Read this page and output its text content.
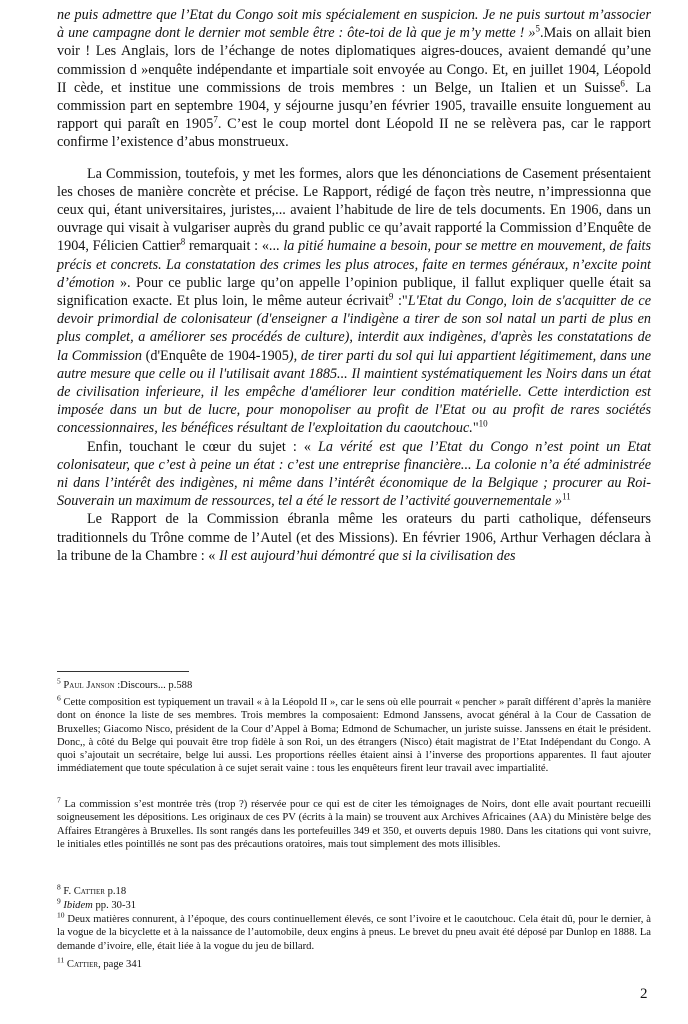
ne puis admettre que l’Etat du Congo soit mis spécialement en suspicion. Je ne puis surtout m’associer à une campagne dont le dernier mot semble être : ôte-toi de là que je m’y mette ! »$^5$.Mais on allait bien voir ! Les Anglais, lors de l’échange de notes diplomatiques aigres-douces, avaient demandé qu’une commission d »enquête indépendante et impartiale soit envoyée au Congo. Et, en juillet 1904, Léopold II cède, et institue une commissions de trois membres : un Belge, un Italien et un Suisse$^6$. La commission part en septembre 1904, y séjourne jusqu’en février 1905, travaille ensuite longuement au rapport qui paraît en 1905$^7$. C’est le coup mortel dont Léopold II ne se relèvera pas, car le rapport confirme l’existence d’abus monstrueux.

La Commission, toutefois, y met les formes, alors que les dénonciations de Casement présentaient les choses de manière concrète et précise. Le Rapport, rédigé de façon très neutre, n’impressionna que ceux qui, étant universitaires, juristes,... avaient l’habitude de lire de tels documents. En 1906, dans un ouvrage qui visait à vulgariser auprès du grand public ce qu’avait rapporté la Commission d’Enquête de 1904, Félicien Cattier$^8$ remarquait : «... la pitié humaine a besoin, pour se mettre en mouvement, de faits précis et concrets. La constatation des crimes les plus atroces, faite en termes généraux, n’excite point d’émotion ». Pour ce public large qu’on appelle l’opinion publique, il fallut expliquer quelle était sa signification exacte. Et plus loin, le même auteur écrivait$^9$ :"L'Etat du Congo, loin de s'acquitter de ce devoir primordial de colonisateur (d'enseigner a l'indigène a tirer de son sol natal un parti de plus en plus complet, a améliorer ses procédés de culture), interdit aux indigènes, d'après les constatations de la Commission (d'Enquête de 1904-1905), de tirer parti du sol qui lui appartient légitimement, dans une autre mesure que celle ou il l'utilisait avant 1885... Il maintient systématiquement les Noirs dans un état de civilisation inferieure, il les empêche d'améliorer leur condition matérielle. Cette interdiction est imposée dans un but de lucre, pour monopoliser au profit de l'Etat ou au profit de rares sociétés concessionnaires, les bénéfices résultant de l'exploitation du caoutchouc."$^{10}$

Enfin, touchant le cœur du sujet : « La vérité est que l’Etat du Congo n’est point un Etat colonisateur, que c’est à peine un état : c’est une entreprise financière... La colonie n’a été administrée ni dans l’intérêt des indigènes, ni même dans l’intérêt économique de la Belgique ; procurer au Roi-Souverain un maximum de ressources, tel a été le ressort de l’activité gouvernementale »$^{11}$

Le Rapport de la Commission ébranla même les orateurs du parti catholique, défenseurs traditionnels du Trône comme de l’Autel (et des Missions). En février 1906, Arthur Verhagen déclara à la tribune de la Chambre : « Il est aujourd’hui démontré que si la civilisation des

$^5$ Paul Janson :Discours... p.588

$^6$ Cette composition est typiquement un travail « à la Léopold II », car le sens où elle pourrait « pencher » paraît différent d’après la manière dont on énonce la liste de ses membres. Trois membres la composaient: Edmond Janssens, avocat général à la Cour de Cassation de Bruxelles; Giacomo Nisco, président de la Cour d’Appel à Boma; Edmond de Schumacher, un juriste suisse. Janssens en était le président. Donc,, à côté du Belge qui pouvait être trop fidèle à son Roi, un des étrangers (Nisco) était magistrat de l’Etat Indépendant du Congo. A quoi s’ajoutait un secrétaire, belge lui aussi. Les proportions réelles étaient ainsi à l’inverse des proportions apparentes. Il faut ajouter immédiatement que toute spéculation à ce sujet serait vaine : tous les enquêteurs firent leur travail avec impartialité.

$^7$ La commission s’est montrée très (trop ?) réservée pour ce qui est de citer les témoignages de Noirs, dont elle avait pourtant recueilli soigneusement les dépositions. Les originaux de ces PV (écrits à la main) se trouvent aux Archives Africaines (AA) du Ministère belge des Affaires Etrangères à Bruxelles. Ils sont rangés dans les portefeuilles 349 et 350, et ouverts depuis 1980. Dans les citations qui vont suivre, le initiales etles pointillés ne sont pas des précautions oratoires, mais tout simplement des mots illisibles.

$^8$ F. Cattier p.18

$^9$ Ibidem pp. 30-31

$^{10}$ Deux matières connurent, à l’époque, des cours continuellement élevés, ce sont l’ivoire et le caoutchouc. Cela était dû, pour le dernier, à la vogue de la bicyclette et à la naissance de l’automobile, deux engins à pneus. Le brevet du pneu avait été déposé par Dunlop en 1888. La demande d’ivoire, elle, était liée à la vogue du jeu de billard.

$^{11}$ Cattier, page 341

2
